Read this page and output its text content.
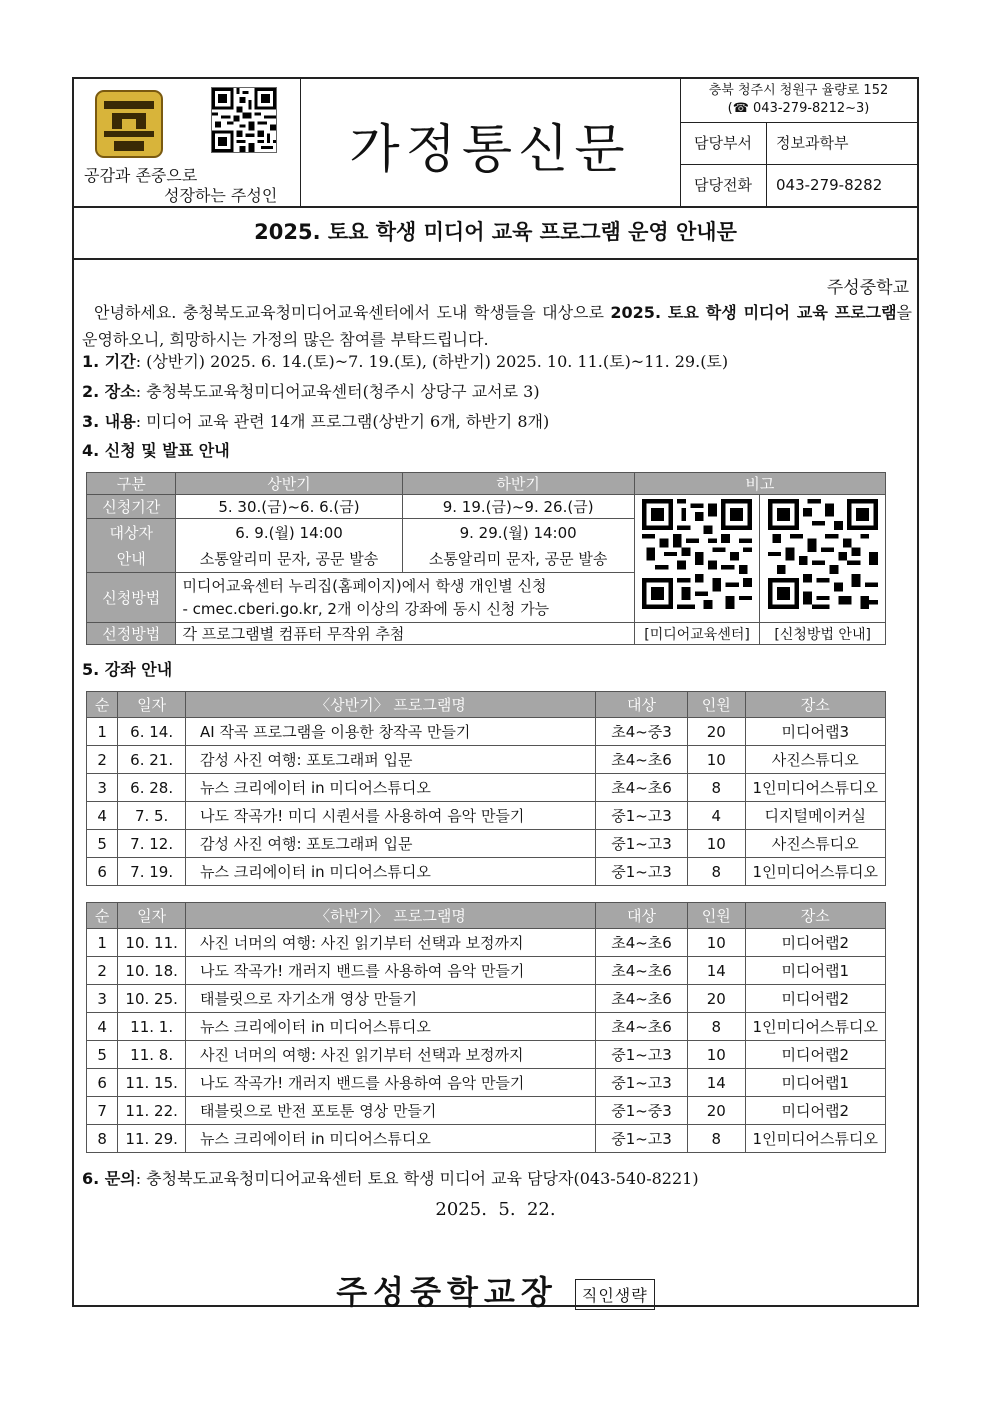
공감과 존중으로
성장하는 주성인
가정통신문
충북 청주시 청원구 율량로 152
(☎ 043-279-8212~3)
담당부서	정보과학부
담당전화	043-279-8282
2025. 토요 학생 미디어 교육 프로그램 운영 안내문
주성중학교
안녕하세요. 충청북도교육청미디어교육센터에서 도내 학생들을 대상으로 2025. 토요 학생 미디어 교육 프로그램을 운영하오니, 희망하시는 가정의 많은 참여를 부탁드립니다.
1. 기간: (상반기) 2025. 6. 14.(토)~7. 19.(토), (하반기) 2025. 10. 11.(토)~11. 29.(토)
2. 장소: 충청북도교육청미디어교육센터(청주시 상당구 교서로 3)
3. 내용: 미디어 교육 관련 14개 프로그램(상반기 6개, 하반기 8개)
4. 신청 및 발표 안내
구분	상반기	하반기	비고	
신청기간	5. 30.(금)~6. 6.(금)	9. 19.(금)~9. 26.(금)		
대상자	6. 9.(월) 14:00	9. 29.(월) 14:00		
안내	소통알리미 문자, 공문 발송	소통알리미 문자, 공문 발송		
신청방법	미디어교육센터 누리집(홈페이지)에서 학생 개인별 신청
- cmec.cberi.go.kr, 2개 이상의 강좌에 동시 신청 가능			

선정방법	각 프로그램별 컴퓨터 무작위 추첨		[미디어교육센터]	[신청방법 안내]
5. 강좌 안내
순	일자	〈상반기〉 프로그램명	대상	인원	장소
1	6. 14.	AI 작곡 프로그램을 이용한 창작곡 만들기	초4~중3	20	미디어랩3
2	6. 21.	감성 사진 여행: 포토그래퍼 입문	초4~초6	10	사진스튜디오
3	6. 28.	뉴스 크리에이터 in 미디어스튜디오	초4~초6	8	1인미디어스튜디오
4	7. 5.	나도 작곡가! 미디 시퀀서를 사용하여 음악 만들기	중1~고3	4	디지털메이커실
5	7. 12.	감성 사진 여행: 포토그래퍼 입문	중1~고3	10	사진스튜디오
6	7. 19.	뉴스 크리에이터 in 미디어스튜디오	중1~고3	8	1인미디어스튜디오
순	일자	〈하반기〉 프로그램명	대상	인원	장소
1	10. 11.	사진 너머의 여행: 사진 읽기부터 선택과 보정까지	초4~초6	10	미디어랩2
2	10. 18.	나도 작곡가! 개러지 밴드를 사용하여 음악 만들기	초4~초6	14	미디어랩1
3	10. 25.	태블릿으로 자기소개 영상 만들기	초4~초6	20	미디어랩2
4	11. 1.	뉴스 크리에이터 in 미디어스튜디오	초4~초6	8	1인미디어스튜디오
5	11. 8.	사진 너머의 여행: 사진 읽기부터 선택과 보정까지	중1~고3	10	미디어랩2
6	11. 15.	나도 작곡가! 개러지 밴드를 사용하여 음악 만들기	중1~고3	14	미디어랩1
7	11. 22.	태블릿으로 반전 포토툰 영상 만들기	중1~중3	20	미디어랩2
8	11. 29.	뉴스 크리에이터 in 미디어스튜디오	중1~고3	8	1인미디어스튜디오
6. 문의: 충청북도교육청미디어교육센터 토요 학생 미디어 교육 담당자(043-540-8221)
2025.  5.  22.
주성중학교장 직인생략
